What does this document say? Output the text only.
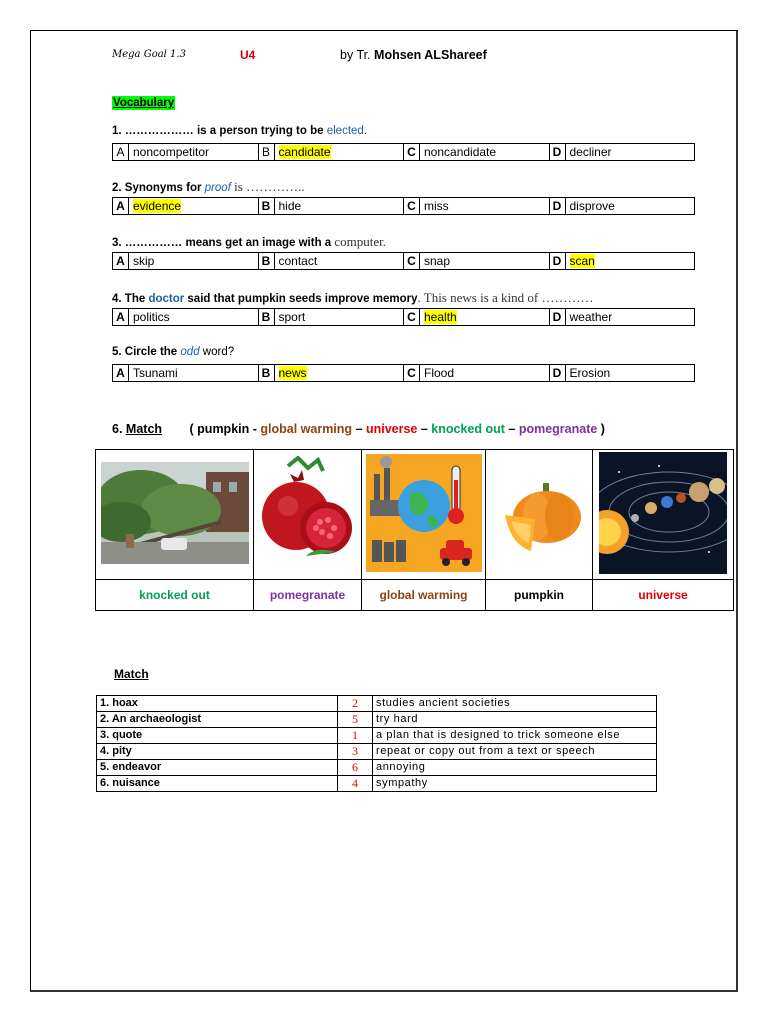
Mega Goal 1.3	U4	by Tr. Mohsen ALShareef
Vocabulary
1. ……………… is a person trying to be elected.
A	noncompetitor	B	candidate	C	noncandidate	D	decliner
2. Synonyms for proof is …………..
A	evidence	B	hide	C	miss	D	disprove
3. …………… means get an image with a computer.
A	skip	B	contact	C	snap	D	scan
4. The doctor said that pumpkin seeds improve memory. This news is a kind of …………
A	politics	B	sport	C	health	D	weather
5. Circle the odd word?
A	Tsunami	B	news	C	Flood	D	Erosion
6. Match ( pumpkin - global warming – universe – knocked out – pomegranate )

knocked out	pomegranate	global warming	pumpkin	universe
Match
1. hoax	2	studies ancient societies
2. An archaeologist	5	try hard
3. quote	1	a plan that is designed to trick someone else
4. pity	3	repeat or copy out from a text or speech
5. endeavor	6	annoying
6. nuisance	4	sympathy
